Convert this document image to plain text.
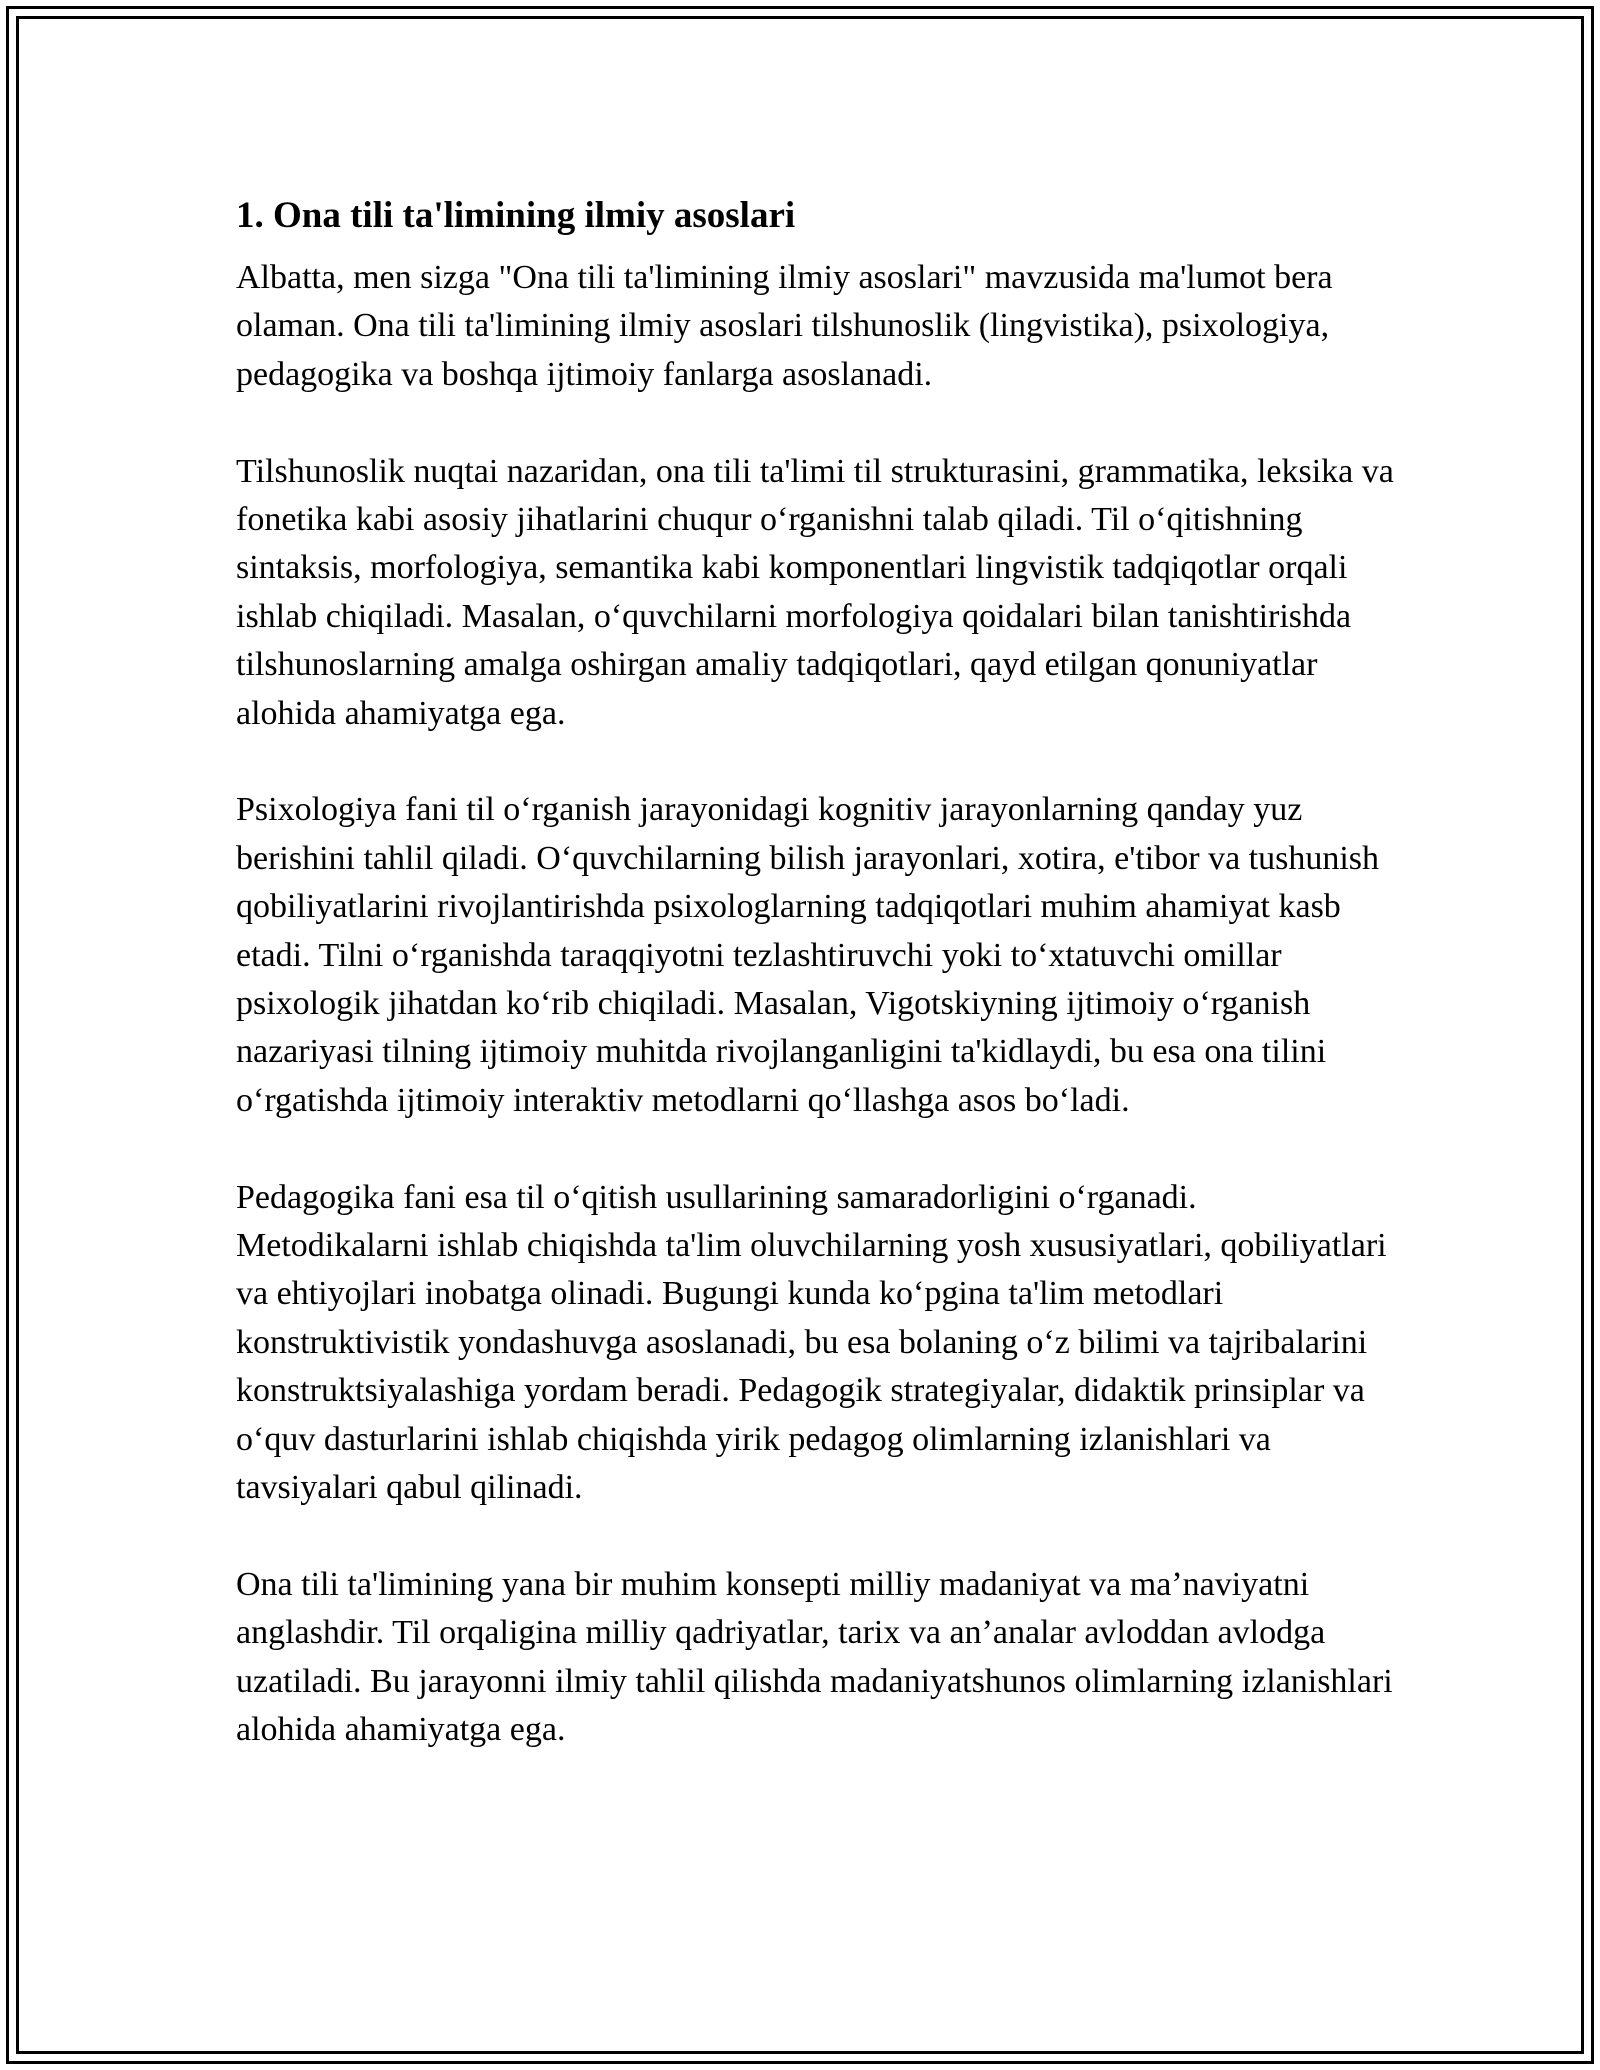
1. Ona tili ta'limining ilmiy asoslari

Albatta, men sizga "Ona tili ta'limining ilmiy asoslari" mavzusida ma'lumot bera olaman. Ona tili ta'limining ilmiy asoslari tilshunoslik (lingvistika), psixologiya, pedagogika va boshqa ijtimoiy fanlarga asoslanadi.

Tilshunoslik nuqtai nazaridan, ona tili ta'limi til strukturasini, grammatika, leksika va fonetika kabi asosiy jihatlarini chuqur oʻrganishni talab qiladi. Til oʻqitishning sintaksis, morfologiya, semantika kabi komponentlari lingvistik tadqiqotlar orqali ishlab chiqiladi. Masalan, oʻquvchilarni morfologiya qoidalari bilan tanishtirishda tilshunoslarning amalga oshirgan amaliy tadqiqotlari, qayd etilgan qonuniyatlar alohida ahamiyatga ega.

Psixologiya fani til oʻrganish jarayonidagi kognitiv jarayonlarning qanday yuz berishini tahlil qiladi. Oʻquvchilarning bilish jarayonlari, xotira, e'tibor va tushunish qobiliyatlarini rivojlantirishda psixologlarning tadqiqotlari muhim ahamiyat kasb etadi. Tilni oʻrganishda taraqqiyotni tezlashtiruvchi yoki toʻxtatuvchi omillar psixologik jihatdan koʻrib chiqiladi. Masalan, Vigotskiyning ijtimoiy oʻrganish nazariyasi tilning ijtimoiy muhitda rivojlanganligini ta'kidlaydi, bu esa ona tilini oʻrgatishda ijtimoiy interaktiv metodlarni qoʻllashga asos boʻladi.

Pedagogika fani esa til oʻqitish usullarining samaradorligini oʻrganadi. Metodikalarni ishlab chiqishda ta'lim oluvchilarning yosh xususiyatlari, qobiliyatlari va ehtiyojlari inobatga olinadi. Bugungi kunda koʻpgina ta'lim metodlari konstruktivistik yondashuvga asoslanadi, bu esa bolaning oʻz bilimi va tajribalarini konstruktsiyalashiga yordam beradi. Pedagogik strategiyalar, didaktik prinsiplar va oʻquv dasturlarini ishlab chiqishda yirik pedagog olimlarning izlanishlari va tavsiyalari qabul qilinadi.

Ona tili ta'limining yana bir muhim konsepti milliy madaniyat va maʼnaviyatni anglashdir. Til orqaligina milliy qadriyatlar, tarix va anʼanalar avloddan avlodga uzatiladi. Bu jarayonni ilmiy tahlil qilishda madaniyatshunos olimlarning izlanishlari alohida ahamiyatga ega.
